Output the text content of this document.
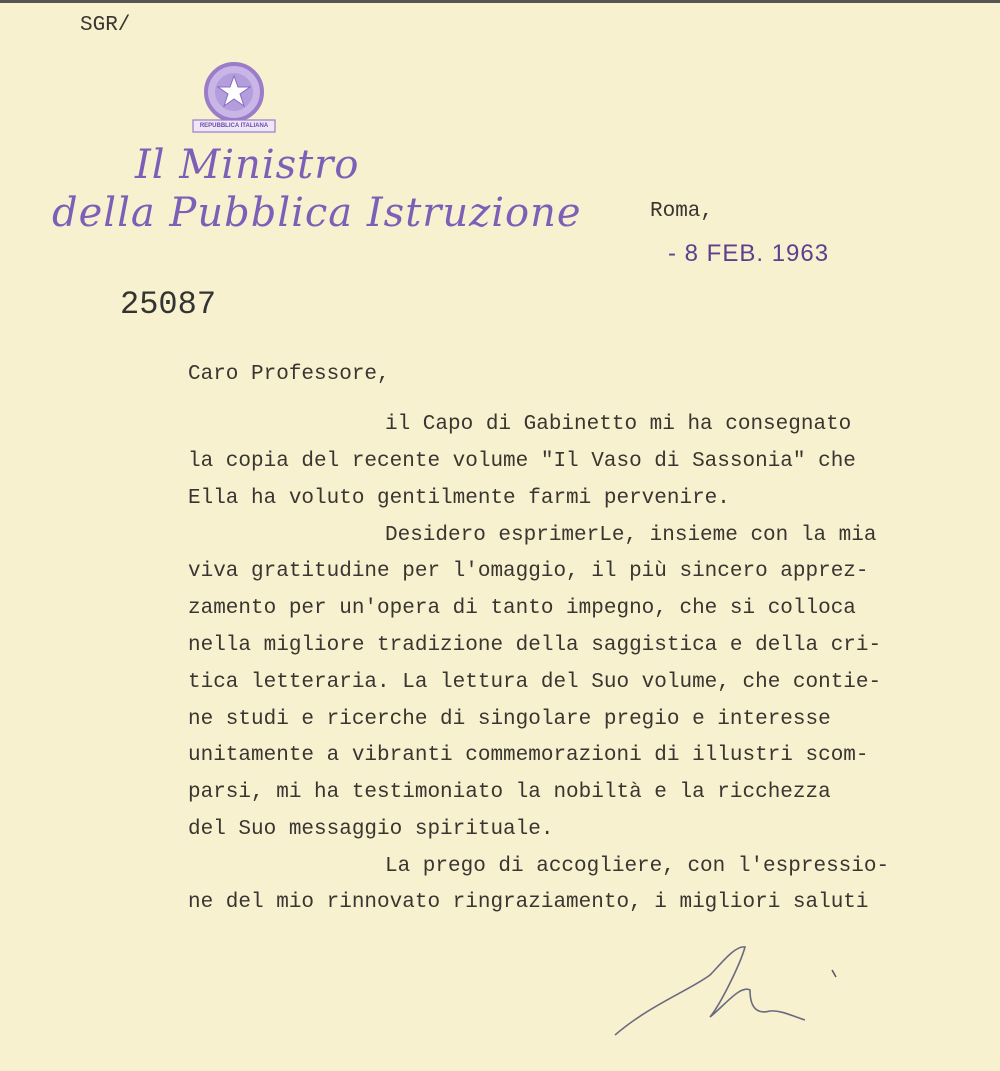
SGR/
REPUBBLICA ITALIANA
Il Ministro
della Pubblica Istruzione	Roma,
- 8 FEB. 1963
25087
Caro Professore,
il Capo di Gabinetto mi ha consegnato
la copia del recente volume "Il Vaso di Sassonia" che
Ella ha voluto gentilmente farmi pervenire.
Desidero esprimerLe, insieme con la mia
viva gratitudine per l'omaggio, il più sincero apprez-
zamento per un'opera di tanto impegno, che si colloca
nella migliore tradizione della saggistica e della cri-
tica letteraria. La lettura del Suo volume, che contie-
ne studi e ricerche di singolare pregio e interesse
unitamente a vibranti commemorazioni di illustri scom-
parsi, mi ha testimoniato la nobiltà e la ricchezza
del Suo messaggio spirituale.
La prego di accogliere, con l'espressio-
ne del mio rinnovato ringraziamento, i migliori saluti
